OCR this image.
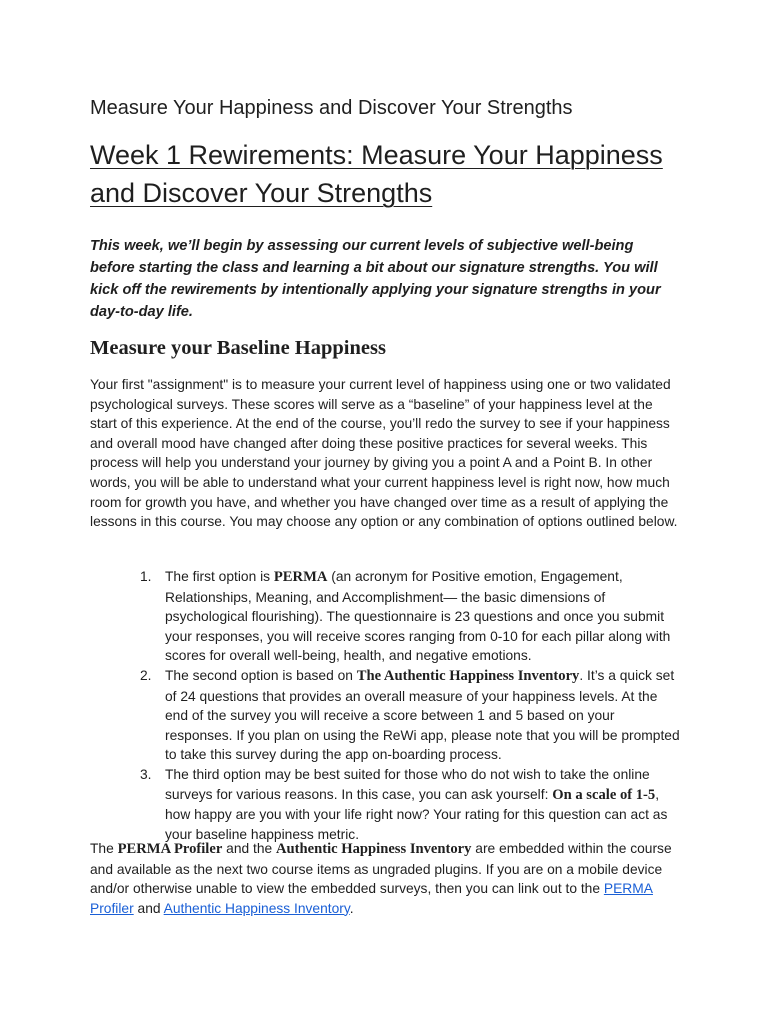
Measure Your Happiness and Discover Your Strengths
Week 1 Rewirements: Measure Your Happiness and Discover Your Strengths

This week, we’ll begin by assessing our current levels of subjective well-being before starting the class and learning a bit about our signature strengths. You will kick off the rewirements by intentionally applying your signature strengths in your day-to-day life.

Measure your Baseline Happiness

Your first "assignment" is to measure your current level of happiness using one or two validated psychological surveys. These scores will serve as a “baseline” of your happiness level at the start of this experience. At the end of the course, you’ll redo the survey to see if your happiness and overall mood have changed after doing these positive practices for several weeks. This process will help you understand your journey by giving you a point A and a Point B. In other words, you will be able to understand what your current happiness level is right now, how much room for growth you have, and whether you have changed over time as a result of applying the lessons in this course. You may choose any option or any combination of options outlined below.

1. The first option is PERMA (an acronym for Positive emotion, Engagement, Relationships, Meaning, and Accomplishment— the basic dimensions of psychological flourishing). The questionnaire is 23 questions and once you submit your responses, you will receive scores ranging from 0-10 for each pillar along with scores for overall well-being, health, and negative emotions.
2. The second option is based on The Authentic Happiness Inventory. It’s a quick set of 24 questions that provides an overall measure of your happiness levels. At the end of the survey you will receive a score between 1 and 5 based on your responses. If you plan on using the ReWi app, please note that you will be prompted to take this survey during the app on-boarding process.
3. The third option may be best suited for those who do not wish to take the online surveys for various reasons. In this case, you can ask yourself: On a scale of 1-5, how happy are you with your life right now? Your rating for this question can act as your baseline happiness metric.

The PERMA Profiler and the Authentic Happiness Inventory are embedded within the course and available as the next two course items as ungraded plugins. If you are on a mobile device and/or otherwise unable to view the embedded surveys, then you can link out to the PERMA Profiler and Authentic Happiness Inventory.
